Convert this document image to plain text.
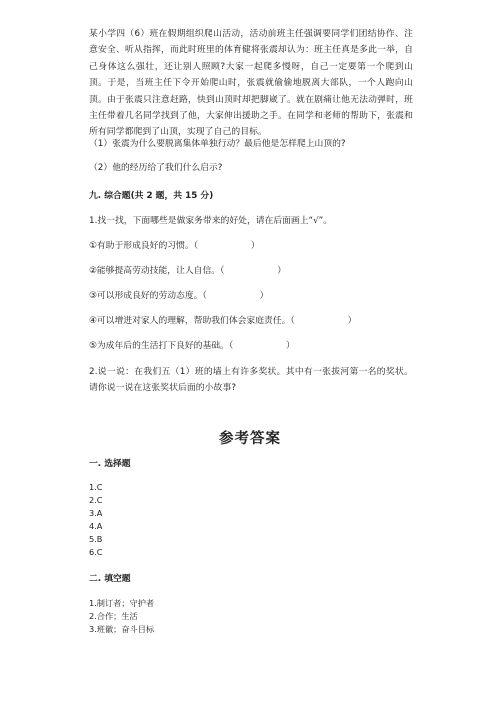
某小学四（6）班在假期组织爬山活动，活动前班主任强调要同学们团结协作、注意安全、听从指挥，而此时班里的体育健将张震却认为：班主任真是多此一举，自己身体这么强壮，还让别人照顾?大家一起爬多慢呀，自己一定要第一个爬到山顶。于是，当班主任下令开始爬山时，张震就偷偷地脱离大部队，一个人跑向山顶。由于张震只注意赶路，快到山顶时却把脚崴了。就在剧痛让他无法动弹时，班主任带着几名同学找到了他，大家伸出援助之手。在同学和老师的帮助下，张震和所有同学都爬到了山顶，实现了自己的目标。

（1）张震为什么要脱离集体单独行动？最后他是怎样爬上山顶的?

（2）他的经历给了我们什么启示?

九. 综合题(共 2 题，共 15 分)

1.找一找，下面哪些是做家务带来的好处，请在后面画上“√”。

①有助于形成良好的习惯。（　　　　　　）

②能够提高劳动技能，让人自信。（　　　　　　）

③可以形成良好的劳动态度。（　　　　　　）

④可以增进对家人的理解，帮助我们体会家庭责任。（　　　　　　）

⑤为成年后的生活打下良好的基础。（　　　　　　）

2.说一说：在我们五（1）班的墙上有许多奖状。其中有一张拔河第一名的奖状。请你说一说在这张奖状后面的小故事?

参考答案

一. 选择题

1.C
2.C
3.A
4.A
5.B
6.C

二. 填空题

1.制订者；守护者
2.合作；生活
3.班徽；奋斗目标
